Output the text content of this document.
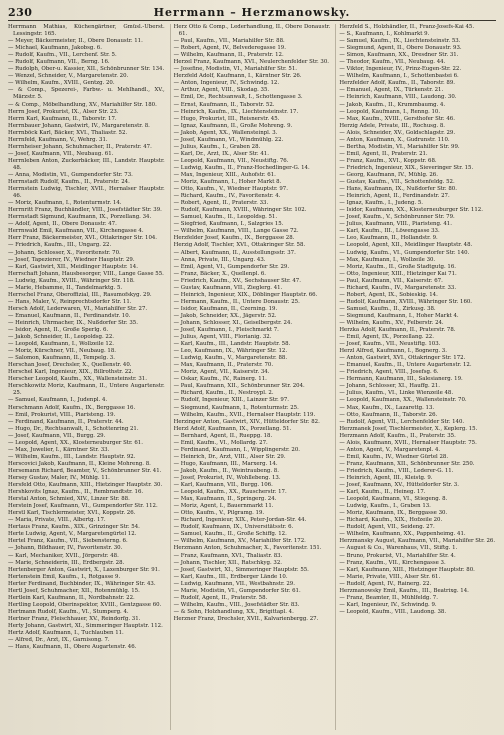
230	Herrmann – Herzmanowsky.

Herrmann Mathias, Küchengärtner, Gmüsl.-Überst. Lessingstr. 165.

— Meyer, Bäckermeister, II., Obere Donaustr. 11.

— Michael, Kaufmann, Jakobsg. 6.

— Rudolf, Kaufm., VII., Lerchenf. Str. 5.

— Rudolf, Kaufmann, VII., Berng. 16.

— Rudolph, Ober-u. Kassier, XII., Schönbrunner Str. 134.

— Wenzel, Schneider, V., Margaretenstr. 20.

— Wilhelm, Kaufm., XVIII., Gentzg. 20.

— & Comp., Spezerei-, Farbw.- u. Mehlhandl., XV., Märzstr. 5.

— & Comp., Möbelhandlung, XV., Mariahilfer Str. 180.

Herrn Josef, Prokurist, IX., Alser Str. 23.

Herrn Karl, Kaufmann, II., Taborstr. 17.

Herrnbauer Johann, Gastwirt, IV., Margaretenstr. 8.

Herrnböck Karl, Bäcker, XVI., Thaliastr. 52.

Herrnfeld, Kaufmann, V., Wehrg. 31.

Herrnheiser Johann, Schuhmacher, II., Praterstr. 47.

— Josef, Kaufmann, VII., Neubaug. 61.

Herrnleben Anton, Zuckerbäcker, III., Landstr. Hauptstr. 48.

— Anna, Modistin, VI., Gumpendorfer Str. 73.

Herrnstadt Rudolf, Kaufm., II., Praterstr. 24.

Herrnstein Ludwig, Tischler, XVII., Hernalser Hauptstr. 46.

— Moriz, Kaufmann, I., Rotenturmstr. 14.

Herrnritt Franz, Buchhändler, VIII., Josefstädter Str. 39.

Herrnstadt Sigmund, Kaufmann, IX., Porzellang. 34.

— Adolf, Agent, II., Obere Donaustr. 47.

Herrnwald Emil, Kaufmann, VII., Kirchengasse 4.

Herr Franz, Bäckermeister, XVI., Ottakringer Str. 104.

— Friedrich, Kaufm., III., Ungarg. 22.

— Johann, Schlosser, X., Favoritenstr. 70.

— Josef, Tapezierer, IV., Wiedner Hauptstr. 29.

— Karl, Gastwirt, XII., Meidlinger Hauptstr. 14.

Herrschaft Johann, Hausbesorger, VIII., Lange Gasse 55.

— Ludwig, Kaufm., XVIII., Währinger Str. 118.

— Marie, Hebamme, II., Tandelmarktg. 5.

Herrschel Franz, Oberoffizial, III., Rasumofskyg. 29.

— Hans, Maler, V., Reinprechtsdorfer Str. 11.

Hersch Adolf, Lederwaren, VI., Mariahilfer Str. 27.

— Emanuel, Kaufmann, II., Ferdinandstr. 10.

— Heinrich, Uhrmacher, IX., Nußdorfer Str. 35.

— Isidor, Agent, II., Große Sperlg. 6.

— Jakob, Schneider, II., Leopoldsg. 22.

— Leopold, Kaufmann, I., Wollzeile 12.

— Moriz, Kürschner, VII., Neubaug. 18.

— Salomon, Kaufmann, II., Tempelg. 3.

Herschan Josef, Drechsler, X., Quellenstr. 40.

Herschel Karl, Ingenieur, XIX., Billrothstr. 22.

Herscher Leopold, Kaufm., XX., Wallensteinstr. 31.

Herschkowitz Moriz, Kaufmann, II., Untere Augartenstr. 25.

— Samuel, Kaufmann, I., Judenpl. 4.

Herschmann Adolf, Kaufm., IX., Berggasse 16.

— Emil, Prokurist, VIII., Piaristeng. 19.

— Ferdinand, Kaufmann, II., Praterstr. 44.

— Hugo, Dr., Rechtsanwalt, I., Schottenring 21.

— Josef, Kaufmann, VII., Burgg. 29.

— Leopold, Agent, XX., Klosterneuburger Str. 61.

— Max, Juwelier, I., Kärntner Str. 33.

— Wilhelm, Kaufm., III., Landstr. Hauptstr. 92.

Herscovici Jakob, Kaufmann, II., Kleine Mohreng. 8.

Hersemann Richard, Beamter, V., Schönbrunner Str. 41.

Hersey Gustav, Maler, IV., Mühlg. 11.

Hersfeld Otto, Kaufmann, XIII., Hietzinger Hauptstr. 30.

Hershkovits Ignaz, Kaufm., II., Rembrandtstr. 16.

Herstal Anton, Schmied, XIV., Linzer Str. 88.

Herstein Josef, Kaufmann, VI., Gumpendorfer Str. 112.

Herstl Karl, Tischlermeister, XVI., Koppstr. 26.

— Maria, Private, VIII., Albertg. 17.

Hertaus Franz, Kaufm., XIX., Grinzinger Str. 54.

Herte Ludwig, Agent, V., Margaretengürtel 12.

Hertel Franz, Kaufm., VII., Siebensterng. 6.

— Johann, Bildhauer, IV., Favoritenstr. 30.

— Karl, Mechaniker, XVII., Jörgerstr. 48.

— Marie, Schneiderin, III., Erdbergstr. 28.

Hertenberger Anton, Gastwirt, X., Laxenburger Str. 91.

Hertenstein Emil, Kaufm., I., Rotgasse 9.

Herter Ferdinand, Buchbinder, IX., Währinger Str. 43.

Hertl Josef, Schuhmacher, XII., Rotenmühlg. 15.

Hertlein Karl, Kaufmann, II., Nordbahnstr. 22.

Hertling Leopold, Oberinspektor, XVIII., Gentzgasse 60.

Hertmann Rudolf, Kaufm., VI., Stumperg. 4.

Hertner Franz, Fleischhauer, XV., Reindorfg. 31.

Herty Johann, Gastwirt, XI., Simmeringer Hauptstr. 112.

Hertz Adolf, Kaufmann, I., Tuchlauben 11.

— Alfred, Dr., Arzt, IX., Garnisong. 7.

— Hans, Kaufmann, II., Obere Augartenstr. 46.

Herz Otto & Comp., Lederhandlung, II., Obere Donaustr. 61.

— Paul, Kaufm., VII., Mariahilfer Str. 88.

— Robert, Agent, IV., Belvederegasse 19.

— Wilhelm, Kaufmann, II., Praterstr. 12.

Herzel Franz, Kaufmann, XVI., Neulerchenfelder Str. 30.

— Josefine, Modistin, VI., Mariahilfer Str. 51.

Herzfeld Adolf, Kaufmann, I., Kärntner Str. 26.

— Anton, Ingenieur, IV., Schwindg. 12.

— Arthur, Agent, VIII., Skodag. 35.

— Emil, Dr., Rechtsanwalt, I., Schottengasse 3.

— Ernst, Kaufmann, II., Taborstr. 52.

— Heinrich, Kaufm., IX., Liechtensteinstr. 17.

— Hugo, Prokurist, III., Reisnerstr. 45.

— Ignaz, Kaufmann, II., Große Mohreng. 9.

— Jakob, Agent, XX., Wallensteinpl. 3.

— Josef, Kaufmann, VI., Windmühlg. 22.

— Julius, Kaufm., I., Graben 28.

— Karl, Dr., Arzt, IX., Alser Str. 41.

— Leopold, Kaufmann, VII., Neustiftg. 76.

— Ludwig, Kaufm., II., Franz-Hochedlinger-G. 14.

— Max, Ingenieur, XIII., Auhofstr. 61.

— Moriz, Kaufmann, I., Hoher Markt 8.

— Otto, Kaufm., V., Wiedner Hauptstr. 97.

— Richard, Kaufm., IV., Favoritenstr. 4.

— Robert, Agent, II., Praterstr. 33.

— Rudolf, Kaufmann, XVIII., Währinger Str. 102.

— Samuel, Kaufm., II., Leopoldsg. 51.

— Siegfried, Kaufmann, I., Salzgries 15.

— Wilhelm, Kaufmann, VIII., Lange Gasse 72.

Herzfelder Josef, Kaufm., IX., Berggasse 28.

Herzig Adolf, Tischler, XVI., Ottakringer Str. 58.

— Albert, Kaufmann, II., Ausstellungsstr. 37.

— Anna, Private, III., Ungarg. 43.

— Emil, Agent, VI., Gumpendorfer Str. 29.

— Franz, Bäcker, X., Quellenpl. 6.

— Friedrich, Kaufm., XV., Sechshauser Str. 47.

— Gustav, Kaufmann, VII., Zieglerg. 41.

— Heinrich, Ingenieur, XIX., Döblinger Hauptstr. 66.

— Hermann, Kaufm., II., Untere Donaustr. 25.

— Isidor, Kaufmann, II., Czerning. 19.

— Jakob, Schneider, XX., Jägerstr. 52.

— Johann, Schlosser, XI., Geiselbergstr. 24.

— Josef, Kaufmann, I., Fleischmarkt 7.

— Julius, Agent, VIII., Florianig. 32.

— Karl, Kaufm., III., Landstr. Hauptstr. 58.

— Leo, Kaufmann, IX., Währinger Str. 12.

— Ludwig, Kaufm., V., Margaretenstr. 88.

— Max, Kaufmann, II., Praterstr. 70.

— Moriz, Agent, VII., Kaiserstr. 34.

— Oskar, Kaufm., IV., Rainerg. 11.

— Paul, Kaufmann, XII., Schönbrunner Str. 204.

— Richard, Kaufm., II., Nestroypl. 2.

— Rudolf, Ingenieur, XIII., Lainzer Str. 97.

— Siegmund, Kaufmann, I., Rotenturmstr. 25.

— Wilhelm, Kaufm., XVII., Hernalser Hauptstr. 119.

Herzinger Anton, Gastwirt, XIV., Hütteldorfer Str. 82.

Herzl Adolf, Kaufmann, IX., Porzellang. 51.

— Bernhard, Agent, II., Rueppg. 18.

— Emil, Kaufm., VI., Mollardg. 27.

— Ferdinand, Kaufmann, I., Wipplingerstr. 20.

— Heinrich, Dr., Arzt, VIII., Alser Str. 29.

— Hugo, Kaufmann, III., Marxerg. 14.

— Jakob, Kaufm., II., Weintraubeng. 8.

— Josef, Prokurist, IV., Wohllebeng. 13.

— Karl, Kaufmann, VII., Burgg. 106.

— Leopold, Kaufm., XX., Rauscherstr. 17.

— Max, Kaufmann, II., Springerg. 24.

— Moriz, Agent, I., Bauernmarkt 11.

— Otto, Kaufm., V., Pilgramg. 19.

— Richard, Ingenieur, XIX., Peter-Jordan-Str. 44.

— Rudolf, Kaufmann, IX., Universitätsstr. 6.

— Samuel, Kaufm., II., Große Schiffg. 12.

— Wilhelm, Kaufmann, XV., Mariahilfer Str. 172.

Herzmann Anton, Schuhmacher, X., Favoritenstr. 151.

— Franz, Kaufmann, XVI., Thaliastr. 83.

— Johann, Tischler, XII., Ratschkyg. 32.

— Josef, Gastwirt, XI., Simmeringer Hauptstr. 55.

— Karl, Kaufm., III., Erdberger Lände 10.

— Ludwig, Kaufmann, VII., Westbahnstr. 29.

— Marie, Modistin, VI., Gumpendorfer Str. 61.

— Rudolf, Agent, II., Praterstr. 58.

— Wilhelm, Kaufm., VIII., Josefstädter Str. 83.

— & Sohn, Holzhandlung, XX., Brigittapl. 4.

Herzner Franz, Drechsler, XVII., Kalvarienbergg. 27.

Herzfeld S., Holzhändler, II., Franz-Josefs-Kai 45.

— S., Kaufmann, I., Kohlmarkt 9.

— Samuel, Kaufm., IX., Liechtensteinstr. 53.

— Siegmund, Agent, II., Obere Donaustr. 93.

— Simon, Kaufmann, XX., Dresdner Str. 31.

— Theodor, Kaufm., VII., Neubaug. 44.

— Viktor, Ingenieur, IV., Prinz-Eugen-Str. 22.

— Wilhelm, Kaufmann, I., Schottenbastei 6.

Herzfelder Adolf, Kaufm., II., Taborstr. 89.

— Emanuel, Agent, IX., Türkenstr. 21.

— Heinrich, Kaufmann, VIII., Laudong. 30.

— Jakob, Kaufm., II., Krummbaumg. 4.

— Leopold, Kaufmann, I., Renng. 10.

— Max, Kaufm., XVIII., Gersthofer Str. 46.

Herzig Adele, Private, III., Rochusg. 8.

— Alois, Schneider, XV., Goldschlagstr. 29.

— Anton, Kaufmann, X., Gudrunstr. 110.

— Bertha, Modistin, VI., Mariahilfer Str. 99.

— Emil, Agent, II., Praterstr. 21.

— Franz, Kaufm., XVI., Koppstr. 68.

— Friedrich, Ingenieur, XIX., Sieveringer Str. 15.

— Georg, Kaufmann, IV., Mühlg. 26.

— Gustav, Kaufm., VII., Schottenfeldg. 52.

— Hans, Kaufmann, IX., Nußdorfer Str. 80.

— Heinrich, Agent, II., Ferdinandstr. 27.

— Ignaz, Kaufm., I., Judeng. 5.

— Isidor, Kaufmann, XX., Klosterneuburger Str. 112.

— Josef, Kaufm., V., Schönbrunner Str. 79.

— Julius, Kaufmann, VIII., Piaristeng. 41.

— Karl, Kaufm., III., Löwengasse 33.

— Leo, Kaufmann, II., Hollandstr. 9.

— Leopold, Agent, XII., Meidlinger Hauptstr. 48.

— Ludwig, Kaufm., VI., Gumpendorfer Str. 140.

— Max, Kaufmann, I., Wollzeile 30.

— Moriz, Kaufm., II., Große Stadtgutg. 16.

— Otto, Ingenieur, XIII., Hietzinger Kai 71.

— Paul, Kaufmann, VII., Kaiserstr. 67.

— Richard, Kaufm., IV., Margaretenstr. 33.

— Robert, Agent, IX., Sobieskig. 14.

— Rudolf, Kaufmann, XVIII., Währinger Str. 160.

— Samuel, Kaufm., II., Zirkusg. 38.

— Siegmund, Kaufmann, I., Hoher Markt 4.

— Wilhelm, Kaufm., XV., Felberstr. 24.

Herzka Adolf, Kaufmann, II., Praterstr. 78.

— Emil, Agent, IX., Porzellang. 22.

— Josef, Kaufm., VII., Neustiftg. 103.

Herzl Alfred, Kaufmann, I., Bognerg. 3.

— Anton, Gastwirt, XVI., Ottakringer Str. 172.

— Emanuel, Kaufm., II., Untere Augartenstr. 12.

— Friedrich, Agent, VIII., Josefsg. 6.

— Hermann, Kaufmann, III., Salesianerg. 19.

— Johann, Schlosser, XI., Hauffg. 21.

— Julius, Kaufm., VI., Linke Wienzeile 48.

— Leopold, Kaufmann, XX., Wallensteinstr. 70.

— Max, Kaufm., IX., Lazarettg. 13.

— Otto, Kaufmann, II., Taborstr. 26.

— Rudolf, Agent, VII., Lerchenfelder Str. 140.

Herzmanek Josef, Tischlermeister, X., Keplerg. 15.

Herzmann Adolf, Kaufm., II., Praterstr. 35.

— Alois, Kaufmann, XVII., Hernalser Hauptstr. 75.

— Anton, Agent, V., Margaretenpl. 4.

— Emil, Kaufm., IV., Wiedner Gürtel 28.

— Franz, Kaufmann, XII., Schönbrunner Str. 250.

— Friedrich, Kaufm., VIII., Lederer-G. 11.

— Heinrich, Agent, III., Kleistg. 9.

— Josef, Kaufmann, XV., Hütteldorfer Str. 3.

— Karl, Kaufm., II., Heineg. 17.

— Leopold, Kaufmann, VI., Stiegeng. 8.

— Ludwig, Kaufm., I., Graben 13.

— Moriz, Kaufmann, IX., Berggasse 30.

— Richard, Kaufm., XIX., Hofzeile 20.

— Rudolf, Agent, VII., Seideng. 27.

— Wilhelm, Kaufmann, XX., Pappenheimg. 41.

Herzmansky August, Kaufmann, VII., Mariahilfer Str. 26.

— August & Co., Warenhaus, VII., Stiftg. 1.

— Bruno, Prokurist, VI., Mariahilfer Str. 4.

— Franz, Kaufm., VII., Kirchengasse 3.

— Karl, Kaufmann, XIII., Hietzinger Hauptstr. 80.

— Marie, Private, VIII., Alser Str. 61.

— Rudolf, Agent, IV., Rainerg. 22.

Herzmanowsky Emil, Kaufm., III., Beatrixg. 14.

— Franz, Beamter, II., Mühlfeldg. 7.

— Karl, Ingenieur, IV., Schwindg. 9.

— Leopold, Kaufm., VIII., Laudong. 38.
